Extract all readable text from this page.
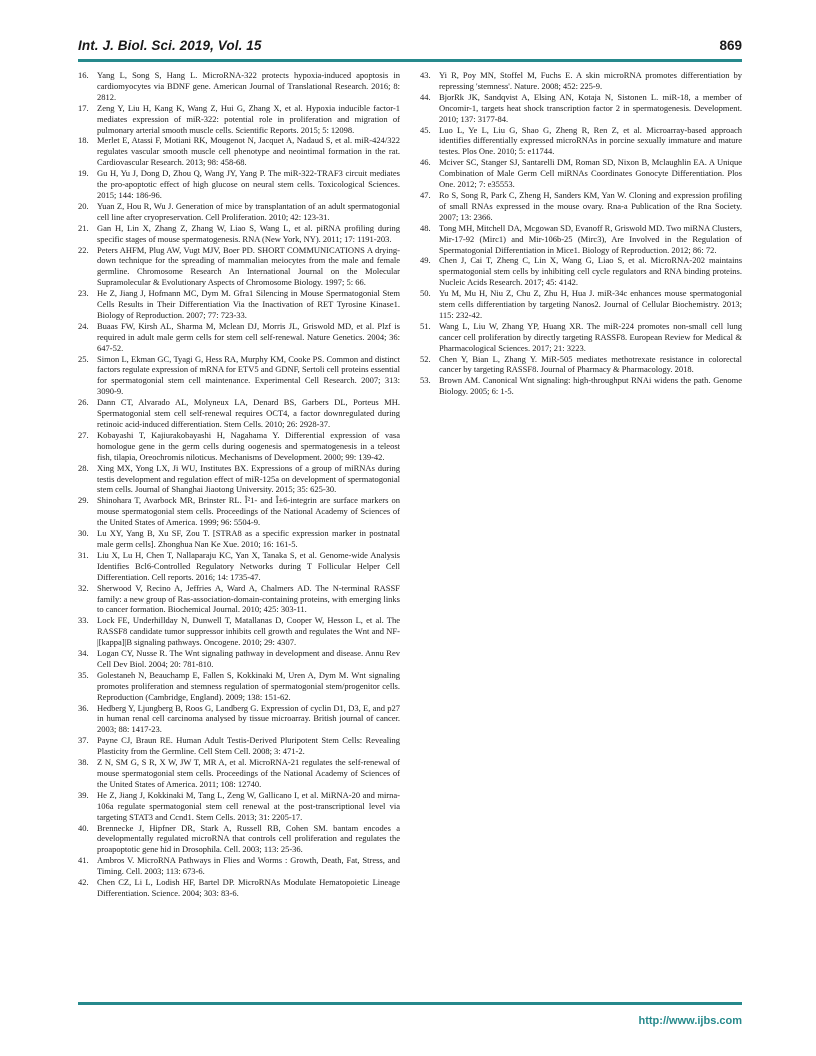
Int. J. Biol. Sci. 2019, Vol. 15	869
16. Yang L, Song S, Hang L. MicroRNA-322 protects hypoxia-induced apoptosis in cardiomyocytes via BDNF gene. American Journal of Translational Research. 2016; 8: 2812.
17. Zeng Y, Liu H, Kang K, Wang Z, Hui G, Zhang X, et al. Hypoxia inducible factor-1 mediates expression of miR-322: potential role in proliferation and migration of pulmonary arterial smooth muscle cells. Scientific Reports. 2015; 5: 12098.
18. Merlet E, Atassi F, Motiani RK, Mougenot N, Jacquet A, Nadaud S, et al. miR-424/322 regulates vascular smooth muscle cell phenotype and neointimal formation in the rat. Cardiovascular Research. 2013; 98: 458-68.
19. Gu H, Yu J, Dong D, Zhou Q, Wang JY, Yang P. The miR-322-TRAF3 circuit mediates the pro-apoptotic effect of high glucose on neural stem cells. Toxicological Sciences. 2015; 144: 186-96.
20. Yuan Z, Hou R, Wu J. Generation of mice by transplantation of an adult spermatogonial cell line after cryopreservation. Cell Proliferation. 2010; 42: 123-31.
21. Gan H, Lin X, Zhang Z, Zhang W, Liao S, Wang L, et al. piRNA profiling during specific stages of mouse spermatogenesis. RNA (New York, NY). 2011; 17: 1191-203.
22. Peters AHFM, Plug AW, Vugt MJV, Boer PD. SHORT COMMUNICATIONS A drying-down technique for the spreading of mammalian meiocytes from the male and female germline. Chromosome Research An International Journal on the Molecular Supramolecular & Evolutionary Aspects of Chromosome Biology. 1997; 5: 66.
23. He Z, Jiang J, Hofmann MC, Dym M. Gfra1 Silencing in Mouse Spermatogonial Stem Cells Results in Their Differentiation Via the Inactivation of RET Tyrosine Kinase1. Biology of Reproduction. 2007; 77: 723-33.
24. Buaas FW, Kirsh AL, Sharma M, Mclean DJ, Morris JL, Griswold MD, et al. Plzf is required in adult male germ cells for stem cell self-renewal. Nature Genetics. 2004; 36: 647-52.
25. Simon L, Ekman GC, Tyagi G, Hess RA, Murphy KM, Cooke PS. Common and distinct factors regulate expression of mRNA for ETV5 and GDNF, Sertoli cell proteins essential for spermatogonial stem cell maintenance. Experimental Cell Research. 2007; 313: 3090-9.
26. Dann CT, Alvarado AL, Molyneux LA, Denard BS, Garbers DL, Porteus MH. Spermatogonial stem cell self-renewal requires OCT4, a factor downregulated during retinoic acid-induced differentiation. Stem Cells. 2010; 26: 2928-37.
27. Kobayashi T, Kajiurakobayashi H, Nagahama Y. Differential expression of vasa homologue gene in the germ cells during oogenesis and spermatogenesis in a teleost fish, tilapia, Oreochromis niloticus. Mechanisms of Development. 2000; 99: 139-42.
28. Xing MX, Yong LX, Ji WU, Institutes BX. Expressions of a group of miRNAs during testis development and regulation effect of miR-125a on development of spermatogonial stem cells. Journal of Shanghai Jiaotong University. 2015; 35: 625-30.
29. Shinohara T, Avarbock MR, Brinster RL. Î²1- and Î±6-integrin are surface markers on mouse spermatogonial stem cells. Proceedings of the National Academy of Sciences of the United States of America. 1999; 96: 5504-9.
30. Lu XY, Yang B, Xu SF, Zou T. [STRA8 as a specific expression marker in postnatal male germ cells]. Zhonghua Nan Ke Xue. 2010; 16: 161-5.
31. Liu X, Lu H, Chen T, Nallaparaju KC, Yan X, Tanaka S, et al. Genome-wide Analysis Identifies Bcl6-Controlled Regulatory Networks during T Follicular Helper Cell Differentiation. Cell reports. 2016; 14: 1735-47.
32. Sherwood V, Recino A, Jeffries A, Ward A, Chalmers AD. The N-terminal RASSF family: a new group of Ras-association-domain-containing proteins, with emerging links to cancer formation. Biochemical Journal. 2010; 425: 303-11.
33. Lock FE, Underhillday N, Dunwell T, Matallanas D, Cooper W, Hesson L, et al. The RASSF8 candidate tumor suppressor inhibits cell growth and regulates the Wnt and NF- |[kappa]|B signaling pathways. Oncogene. 2010; 29: 4307.
34. Logan CY, Nusse R. The Wnt signaling pathway in development and disease. Annu Rev Cell Dev Biol. 2004; 20: 781-810.
35. Golestaneh N, Beauchamp E, Fallen S, Kokkinaki M, Uren A, Dym M. Wnt signaling promotes proliferation and stemness regulation of spermatogonial stem/progenitor cells. Reproduction (Cambridge, England). 2009; 138: 151-62.
36. Hedberg Y, Ljungberg B, Roos G, Landberg G. Expression of cyclin D1, D3, E, and p27 in human renal cell carcinoma analysed by tissue microarray. British journal of cancer. 2003; 88: 1417-23.
37. Payne CJ, Braun RE. Human Adult Testis-Derived Pluripotent Stem Cells: Revealing Plasticity from the Germline. Cell Stem Cell. 2008; 3: 471-2.
38. Z N, SM G, S R, X W, JW T, MR A, et al. MicroRNA-21 regulates the self-renewal of mouse spermatogonial stem cells. Proceedings of the National Academy of Sciences of the United States of America. 2011; 108: 12740.
39. He Z, Jiang J, Kokkinaki M, Tang L, Zeng W, Gallicano I, et al. MiRNA-20 and mirna-106a regulate spermatogonial stem cell renewal at the post-transcriptional level via targeting STAT3 and Ccnd1. Stem Cells. 2013; 31: 2205-17.
40. Brennecke J, Hipfner DR, Stark A, Russell RB, Cohen SM. bantam encodes a developmentally regulated microRNA that controls cell proliferation and regulates the proapoptotic gene hid in Drosophila. Cell. 2003; 113: 25-36.
41. Ambros V. MicroRNA Pathways in Flies and Worms : Growth, Death, Fat, Stress, and Timing. Cell. 2003; 113: 673-6.
42. Chen CZ, Li L, Lodish HF, Bartel DP. MicroRNAs Modulate Hematopoietic Lineage Differentiation. Science. 2004; 303: 83-6.
43. Yi R, Poy MN, Stoffel M, Fuchs E. A skin microRNA promotes differentiation by repressing 'stemness'. Nature. 2008; 452: 225-9.
44. BjorRk JK, Sandqvist A, Elsing AN, Kotaja N, Sistonen L. miR-18, a member of Oncomir-1, targets heat shock transcription factor 2 in spermatogenesis. Development. 2010; 137: 3177-84.
45. Luo L, Ye L, Liu G, Shao G, Zheng R, Ren Z, et al. Microarray-based approach identifies differentially expressed microRNAs in porcine sexually immature and mature testes. Plos One. 2010; 5: e11744.
46. Mciver SC, Stanger SJ, Santarelli DM, Roman SD, Nixon B, Mclaughlin EA. A Unique Combination of Male Germ Cell miRNAs Coordinates Gonocyte Differentiation. Plos One. 2012; 7: e35553.
47. Ro S, Song R, Park C, Zheng H, Sanders KM, Yan W. Cloning and expression profiling of small RNAs expressed in the mouse ovary. Rna-a Publication of the Rna Society. 2007; 13: 2366.
48. Tong MH, Mitchell DA, Mcgowan SD, Evanoff R, Griswold MD. Two miRNA Clusters, Mir-17-92 (Mirc1) and Mir-106b-25 (Mirc3), Are Involved in the Regulation of Spermatogonial Differentiation in Mice1. Biology of Reproduction. 2012; 86: 72.
49. Chen J, Cai T, Zheng C, Lin X, Wang G, Liao S, et al. MicroRNA-202 maintains spermatogonial stem cells by inhibiting cell cycle regulators and RNA binding proteins. Nucleic Acids Research. 2017; 45: 4142.
50. Yu M, Mu H, Niu Z, Chu Z, Zhu H, Hua J. miR-34c enhances mouse spermatogonial stem cells differentiation by targeting Nanos2. Journal of Cellular Biochemistry. 2013; 115: 232-42.
51. Wang L, Liu W, Zhang YP, Huang XR. The miR-224 promotes non-small cell lung cancer cell proliferation by directly targeting RASSF8. European Review for Medical & Pharmacological Sciences. 2017; 21: 3223.
52. Chen Y, Bian L, Zhang Y. MiR-505 mediates methotrexate resistance in colorectal cancer by targeting RASSF8. Journal of Pharmacy & Pharmacology. 2018.
53. Brown AM. Canonical Wnt signaling: high-throughput RNAi widens the path. Genome Biology. 2005; 6: 1-5.
http://www.ijbs.com
